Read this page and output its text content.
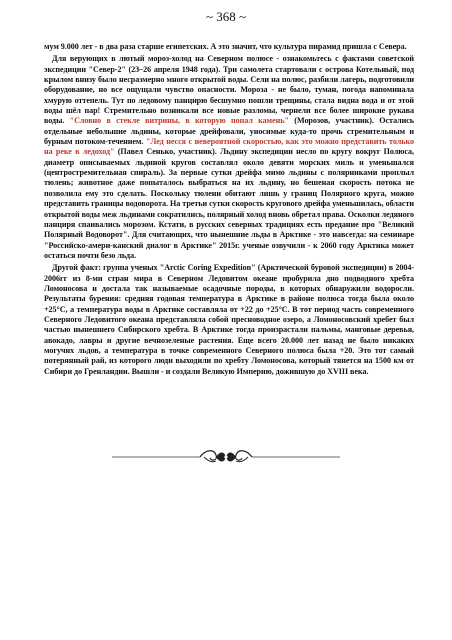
~ 368 ~

мум 9.000 лет - в два раза старше египетских. А это значит, что культура пирамид пришла с Севера.

Для верующих в лютый мороз-холод на Северном полюсе - ознакомьтесь с фактами советской экспедиции "Север-2" (23–26 апреля 1948 года). Три самолета стартовали с острова Котельный, под крылом внизу было несразмерно много открытой воды. Сели на полюс, разбили лагерь, подготовили оборудование, но все ощущали чувство опасности. Мороза - не было, туман, погода напоминала хмурую оттепель. Тут по ледовому панцирю бесшумно пошли трещины, стала видна вода и от этой воды шёл пар! Стремительно возникали все новые разломы, чернели все более широкие рукава воды. "Словно в стекле витрины, в которую попал камень" (Морозов, участник). Остались отдельные небольшие льдины, которые дрейфовали, уносимые куда-то прочь стремительным и бурным потоком-течением. "Лед несся с невероятной скоростью, как это можно представить только на реке в ледоход" (Павел Сенько, участник). Льдину экспедиции несло по кругу вокруг Полюса, диаметр описываемых льдиной кругов составлял около девяти морских миль и уменьшался (центростремительная спираль). За первые сутки дрейфа мимо льдины с полярниками проплыл тюлень; животное даже попыталось выбраться на их льдину, но бешеная скорость потока не позволила ему это сделать. Поскольку тюлени обитают лишь у границ Полярного круга, можно представить границы водоворота. На третьи сутки скорость кругового дрейфа уменьшилась, области открытой воды меж льдинами сократились, полярный холод вновь обретал права. Осколки ледяного панциря спаивались морозом. Кстати, в русских северных традициях есть предание про "Великий Полярный Водоворот". Для считающих, что нынешние льды в Арктике - это навсегда: на семинаре "Российско-амери-канский диалог в Арктике" 2015г. ученые озвучили - к 2060 году Арктика может остаться почти безо льда.

Другой факт: группа ученых "Arctic Coring Expedition" (Арктической буровой экспедиции) в 2004-2006гг из 8-ми стран мира в Северном Ледовитом океане пробурила дно подводного хребта Ломоносова и достала так называемые осадочные породы, в которых обнаружили водоросли. Результаты бурения: средняя годовая температура в Арктике в районе полюса тогда была около +25°C, а температура воды в Арктике составляла от +22 до +25°C. В тот период часть современного Северного Ледовитого океана представляла собой пресноводное озеро, а Ломоносовский хребет был частью нынешнего Сибирского хребта. В Арктике тогда произрастали пальмы, манговые деревья, авокадо, лавры и другие вечнозеленые растения. Еще всего 20.000 лет назад не было никаких могучих льдов, а температура в точке современного Северного полюса была +20. Это тот самый потерянный рай, из которого люди выходили по хребту Ломоносова, который тянется на 1500 км от Сибири до Гренландии. Вышли - и создали Великую Империю, дожившую до XVIII века.
